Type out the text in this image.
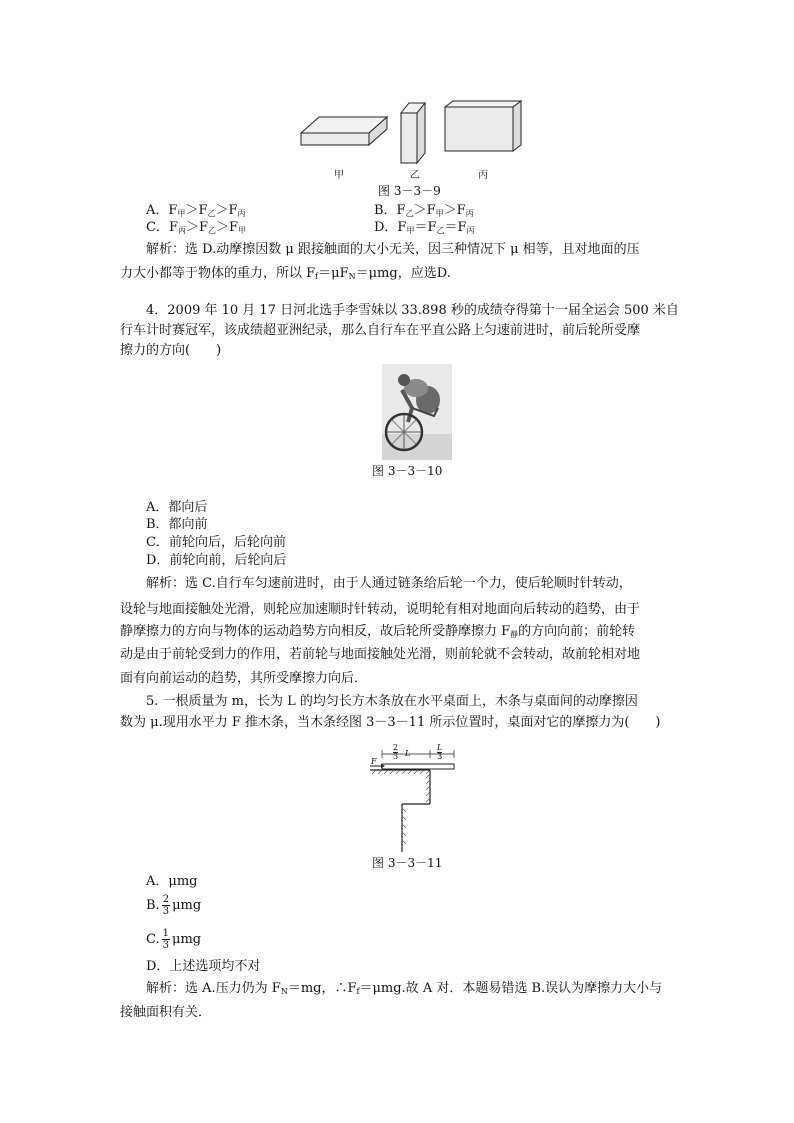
甲	乙	丙
图 3－3－9
A．$F_甲>F_乙>F_丙$	B．$F_乙>F_甲>F_丙$
C．$F_丙>F_乙>F_甲$	D．$F_甲=F_乙=F_丙$
解析：选 D.动摩擦因数 μ 跟接触面的大小无关，因三种情况下 μ 相等，且对地面的压
力大小都等于物体的重力，所以 $F_f=\mu F_N=\mu mg$，应选D.
4．2009 年 10 月 17 日河北选手李雪妹以 33.898 秒的成绩夺得第十一届全运会 500 米自
行车计时赛冠军，该成绩超亚洲纪录，那么自行车在平直公路上匀速前进时，前后轮所受摩
擦力的方向(　　)
图 3－3－10
A．都向后
B．都向前
C．前轮向后，后轮向前
D．前轮向前，后轮向后
解析：选 C.自行车匀速前进时，由于人通过链条给后轮一个力，使后轮顺时针转动，
设轮与地面接触处光滑，则轮应加速顺时针转动，说明轮有相对地面向后转动的趋势，由于
静摩擦力的方向与物体的运动趋势方向相反，故后轮所受静摩擦力 $F_静$的方向向前；前轮转
动是由于前轮受到力的作用，若前轮与地面接触处光滑，则前轮就不会转动，故前轮相对地
面有向前运动的趋势，其所受摩擦力向后．
5. 一根质量为 m，长为 L 的均匀长方木条放在水平桌面上，木条与桌面间的动摩擦因
数为 μ.现用水平力 F 推木条，当木条经图 3－3－11 所示位置时，桌面对它的摩擦力为(　　)
F
2
3 L
L
3
图 3－3－11
A．μmg
B. $\frac{2}{3}$ μmg
C. $\frac{1}{3}$ μmg
D．上述选项均不对
解析：选 A.压力仍为 $F_N=mg$，$\therefore F_f=\mu mg$.故 A 对．本题易错选 B.误认为摩擦力大小与
接触面积有关．
